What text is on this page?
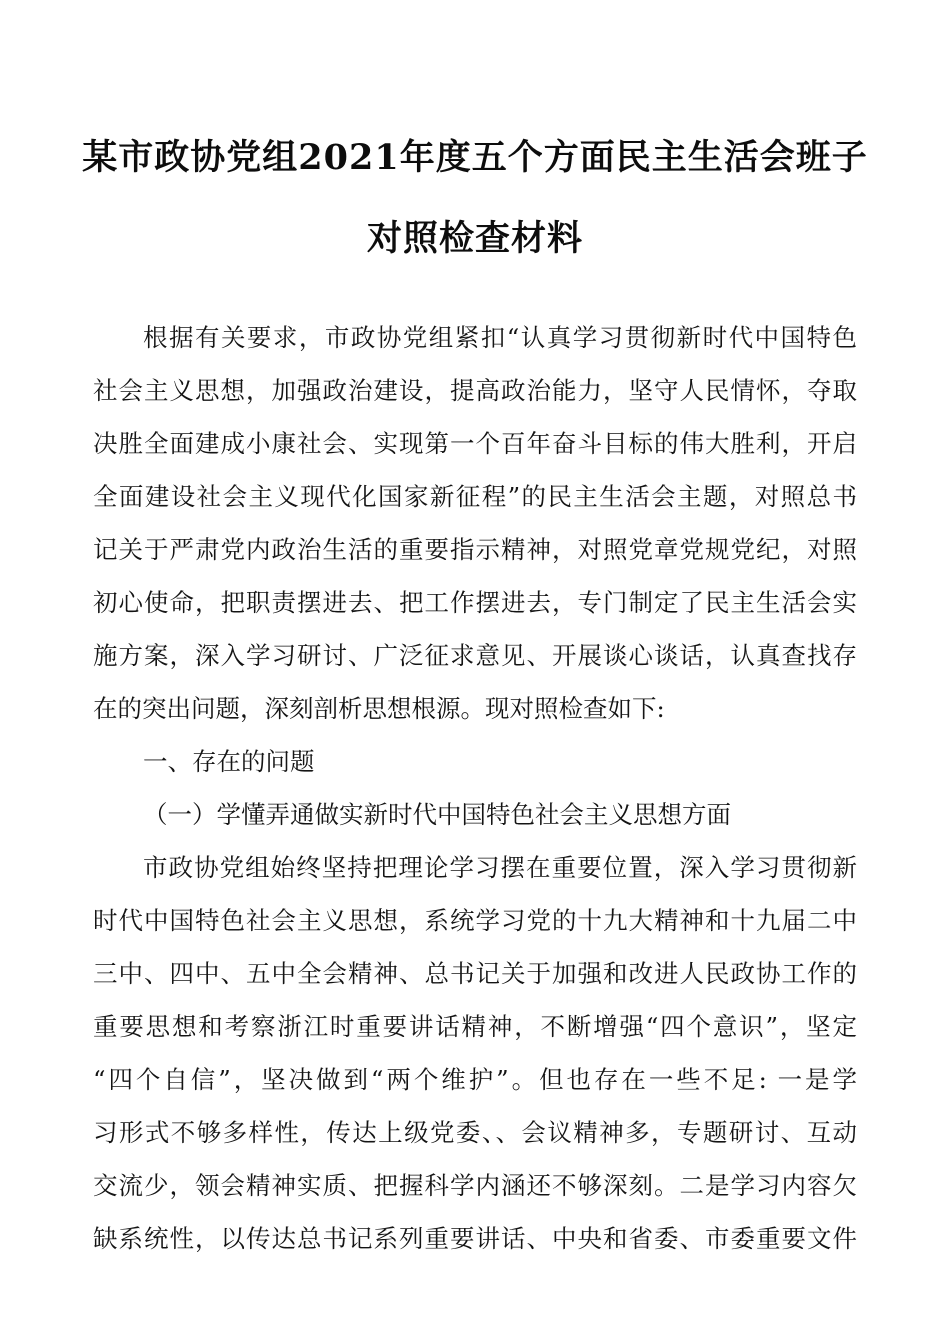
某市政协党组2021年度五个方面民主生活会班子
对照检查材料
根据有关要求，市政协党组紧扣“认真学习贯彻新时代中国特色
社会主义思想，加强政治建设，提高政治能力，坚守人民情怀，夺取
决胜全面建成小康社会、实现第一个百年奋斗目标的伟大胜利，开启
全面建设社会主义现代化国家新征程”的民主生活会主题，对照总书
记关于严肃党内政治生活的重要指示精神，对照党章党规党纪，对照
初心使命，把职责摆进去、把工作摆进去，专门制定了民主生活会实
施方案，深入学习研讨、广泛征求意见、开展谈心谈话，认真查找存
在的突出问题，深刻剖析思想根源。现对照检查如下:
一、存在的问题
（一）学懂弄通做实新时代中国特色社会主义思想方面
市政协党组始终坚持把理论学习摆在重要位置，深入学习贯彻新
时代中国特色社会主义思想，系统学习党的十九大精神和十九届二中
三中、四中、五中全会精神、总书记关于加强和改进人民政协工作的
重要思想和考察浙江时重要讲话精神，不断增强“四个意识”，坚定
“四个自信”，坚决做到“两个维护”。但也存在一些不足: 一是学
习形式不够多样性，传达上级党委、、会议精神多，专题研讨、互动
交流少，领会精神实质、把握科学内涵还不够深刻。二是学习内容欠
缺系统性，以传达总书记系列重要讲话、中央和省委、市委重要文件
